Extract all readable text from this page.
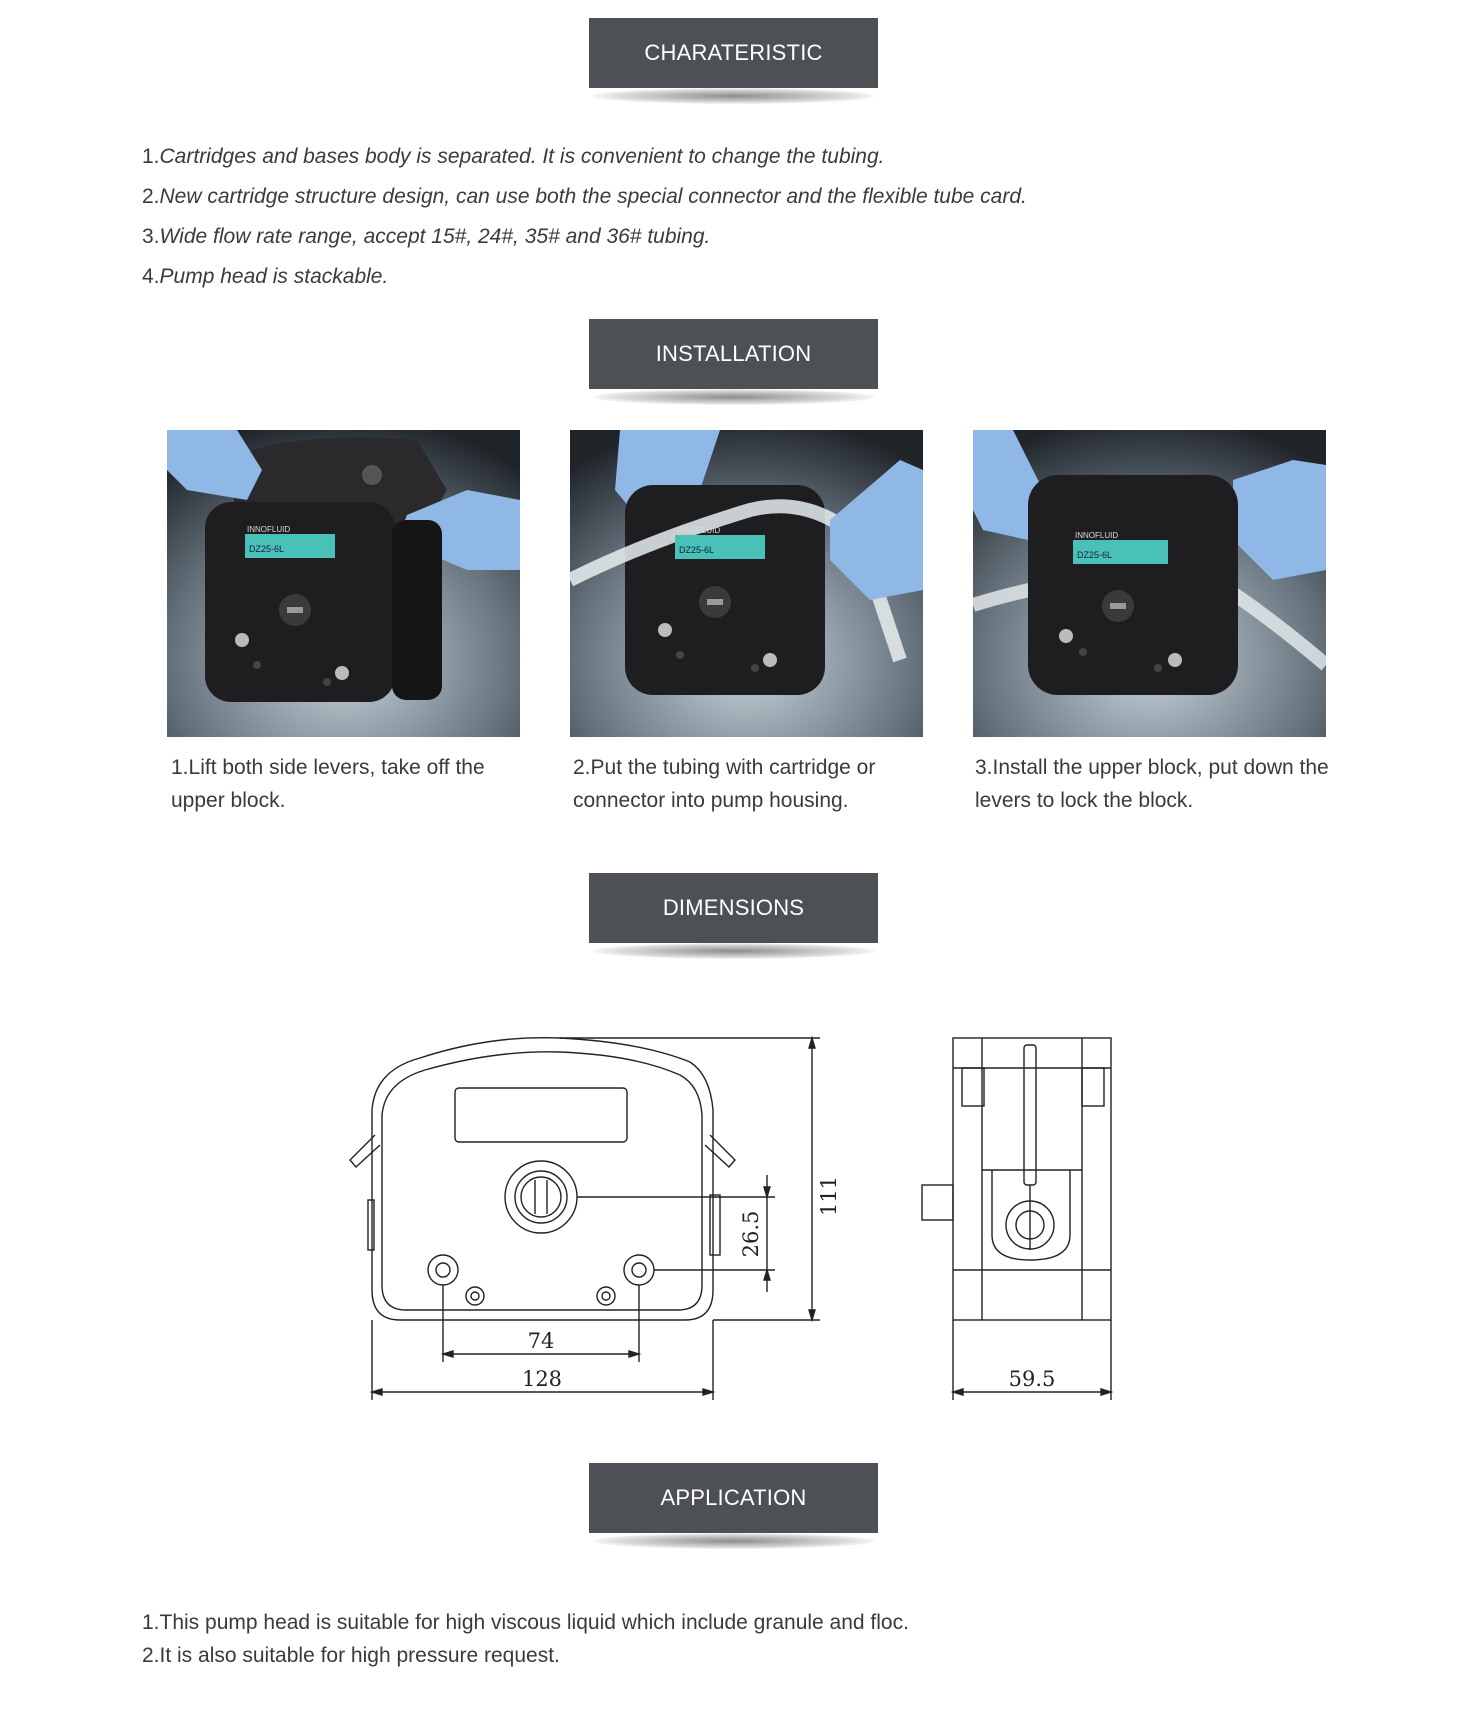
CHARATERISTIC
1.Cartridges and bases body is separated. It is convenient to change the tubing.
2.New cartridge structure design, can use both the special connector and the flexible tube card.
3.Wide flow rate range, accept 15#, 24#, 35# and 36# tubing.
4.Pump head is stackable.
INSTALLATION
INNOFLUID
DZ25-6L
INNOFLUID
DZ25-6L
INNOFLUID
DZ25-6L
1.Lift both side levers, take off the upper block.
2.Put the tubing with cartridge or connector into pump housing.
3.Install the upper block, put down the levers to lock the block.
DIMENSIONS
128
74
59.5
111
26.5
APPLICATION
1.This pump head is suitable for high viscous liquid which include granule and floc.
2.It is also suitable for high pressure request.
